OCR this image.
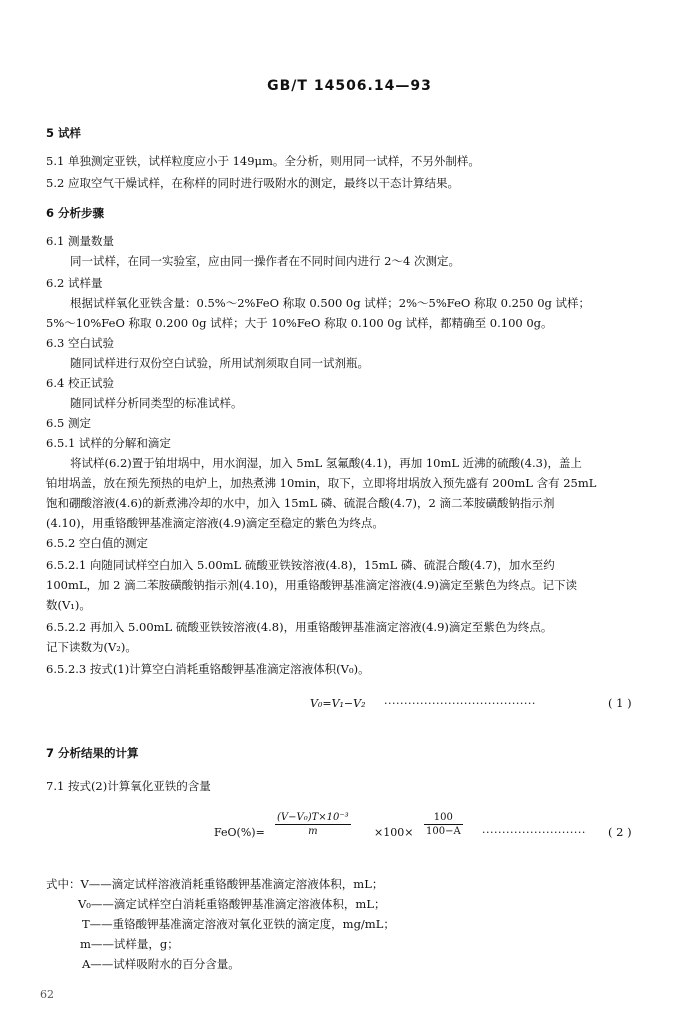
GB/T 14506.14—93
5 试样
5.1 单独测定亚铁，试样粒度应小于 149μm。全分析，则用同一试样，不另外制样。
5.2 应取空气干燥试样，在称样的同时进行吸附水的测定，最终以干态计算结果。
6 分析步骤
6.1 测量数量
同一试样，在同一实验室，应由同一操作者在不同时间内进行 2～4 次测定。
6.2 试样量
根据试样氧化亚铁含量：0.5%～2%FeO 称取 0.500 0g 试样；2%～5%FeO 称取 0.250 0g 试样；
5%～10%FeO 称取 0.200 0g 试样；大于 10%FeO 称取 0.100 0g 试样，都精确至 0.100 0g。
6.3 空白试验
随同试样进行双份空白试验，所用试剂须取自同一试剂瓶。
6.4 校正试验
随同试样分析同类型的标准试样。
6.5 测定
6.5.1 试样的分解和滴定
将试样(6.2)置于铂坩埚中，用水润湿，加入 5mL 氢氟酸(4.1)，再加 10mL 近沸的硫酸(4.3)，盖上
铂坩埚盖，放在预先预热的电炉上，加热煮沸 10min，取下，立即将坩埚放入预先盛有 200mL 含有 25mL
饱和硼酸溶液(4.6)的新煮沸冷却的水中，加入 15mL 磷、硫混合酸(4.7)，2 滴二苯胺磺酸钠指示剂
(4.10)，用重铬酸钾基准滴定溶液(4.9)滴定至稳定的紫色为终点。
6.5.2 空白值的测定
6.5.2.1 向随同试样空白加入 5.00mL 硫酸亚铁铵溶液(4.8)，15mL 磷、硫混合酸(4.7)，加水至约
100mL，加 2 滴二苯胺磺酸钠指示剂(4.10)，用重铬酸钾基准滴定溶液(4.9)滴定至紫色为终点。记下读
数(V₁)。
6.5.2.2 再加入 5.00mL 硫酸亚铁铵溶液(4.8)，用重铬酸钾基准滴定溶液(4.9)滴定至紫色为终点。
记下读数为(V₂)。
6.5.2.3 按式(1)计算空白消耗重铬酸钾基准滴定溶液体积(V₀)。
V₀=V₁−V₂ ······································	( 1 )
7 分析结果的计算
7.1 按式(2)计算氧化亚铁的含量
FeO(%)=
(V−V₀)T×10⁻³
m	×100×
100
100−A ·························· ( 2 )
式中：V——滴定试样溶液消耗重铬酸钾基准滴定溶液体积，mL；
V₀——滴定试样空白消耗重铬酸钾基准滴定溶液体积，mL；
T——重铬酸钾基准滴定溶液对氧化亚铁的滴定度，mg/mL；
m——试样量，g；
A——试样吸附水的百分含量。
62
